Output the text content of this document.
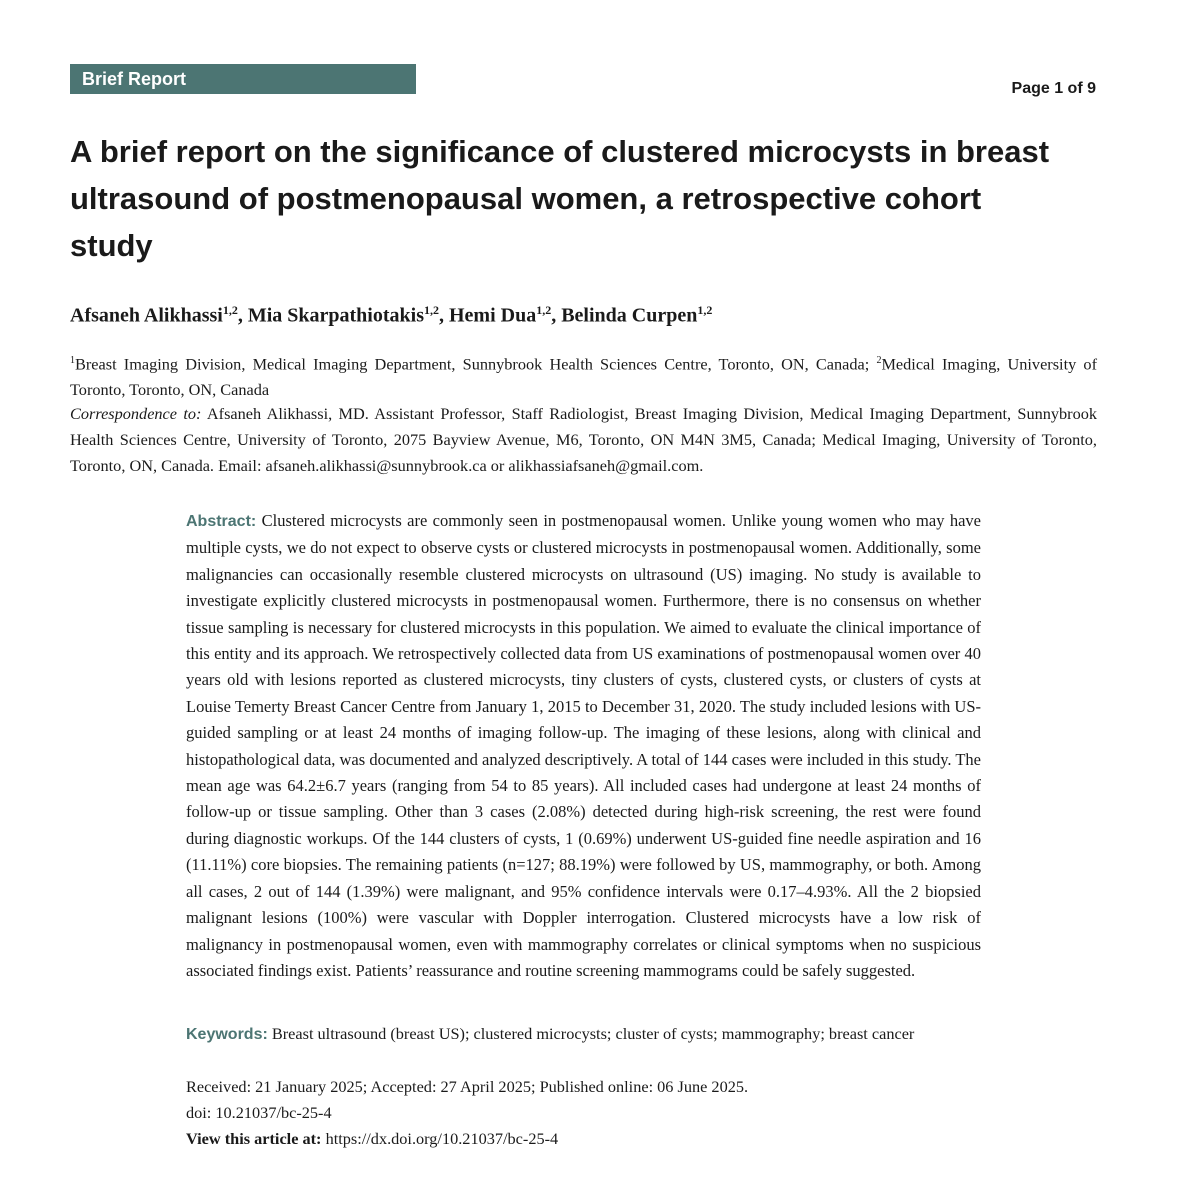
Brief Report	Page 1 of 9
A brief report on the significance of clustered microcysts in breast ultrasound of postmenopausal women, a retrospective cohort study

Afsaneh Alikhassi$^{1,2}$, Mia Skarpathiotakis$^{1,2}$, Hemi Dua$^{1,2}$, Belinda Curpen$^{1,2}$

$^1$Breast Imaging Division, Medical Imaging Department, Sunnybrook Health Sciences Centre, Toronto, ON, Canada; $^2$Medical Imaging, University of Toronto, Toronto, ON, Canada

Correspondence to: Afsaneh Alikhassi, MD. Assistant Professor, Staff Radiologist, Breast Imaging Division, Medical Imaging Department, Sunnybrook Health Sciences Centre, University of Toronto, 2075 Bayview Avenue, M6, Toronto, ON M4N 3M5, Canada; Medical Imaging, University of Toronto, Toronto, ON, Canada. Email: afsaneh.alikhassi@sunnybrook.ca or alikhassiafsaneh@gmail.com.

Abstract: Clustered microcysts are commonly seen in postmenopausal women. Unlike young women who may have multiple cysts, we do not expect to observe cysts or clustered microcysts in postmenopausal women. Additionally, some malignancies can occasionally resemble clustered microcysts on ultrasound (US) imaging. No study is available to investigate explicitly clustered microcysts in postmenopausal women. Furthermore, there is no consensus on whether tissue sampling is necessary for clustered microcysts in this population. We aimed to evaluate the clinical importance of this entity and its approach. We retrospectively collected data from US examinations of postmenopausal women over 40 years old with lesions reported as clustered microcysts, tiny clusters of cysts, clustered cysts, or clusters of cysts at Louise Temerty Breast Cancer Centre from January 1, 2015 to December 31, 2020. The study included lesions with US-guided sampling or at least 24 months of imaging follow-up. The imaging of these lesions, along with clinical and histopathological data, was documented and analyzed descriptively. A total of 144 cases were included in this study. The mean age was 64.2±6.7 years (ranging from 54 to 85 years). All included cases had undergone at least 24 months of follow-up or tissue sampling. Other than 3 cases (2.08%) detected during high-risk screening, the rest were found during diagnostic workups. Of the 144 clusters of cysts, 1 (0.69%) underwent US-guided fine needle aspiration and 16 (11.11%) core biopsies. The remaining patients (n=127; 88.19%) were followed by US, mammography, or both. Among all cases, 2 out of 144 (1.39%) were malignant, and 95% confidence intervals were 0.17–4.93%. All the 2 biopsied malignant lesions (100%) were vascular with Doppler interrogation. Clustered microcysts have a low risk of malignancy in postmenopausal women, even with mammography correlates or clinical symptoms when no suspicious associated findings exist. Patients’ reassurance and routine screening mammograms could be safely suggested.

Keywords: Breast ultrasound (breast US); clustered microcysts; cluster of cysts; mammography; breast cancer

Received: 21 January 2025; Accepted: 27 April 2025; Published online: 06 June 2025.
doi: 10.21037/bc-25-4
View this article at: https://dx.doi.org/10.21037/bc-25-4
